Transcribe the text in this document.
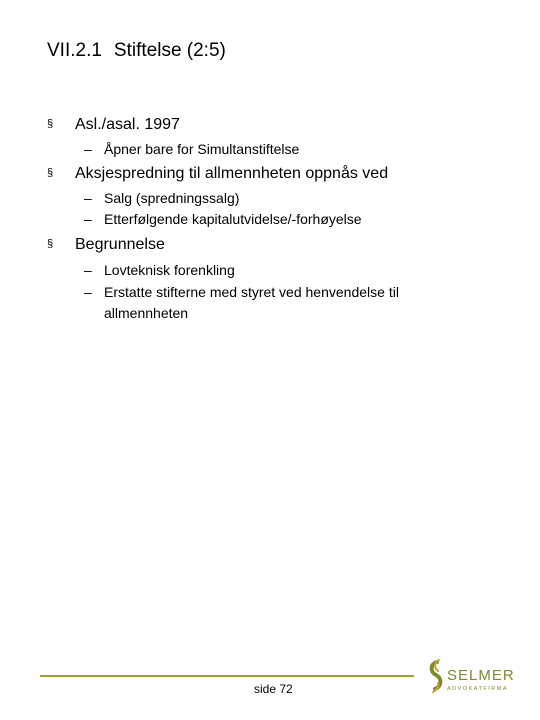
VII.2.1 Stiftelse (2:5)
§ Asl./asal. 1997
– Åpner bare for Simultanstiftelse
§ Aksjespredning til allmennheten oppnås ved
– Salg (spredningssalg)
– Etterfølgende kapitalutvidelse/-forhøyelse
§ Begrunnelse
– Lovteknisk forenkling
– Erstatte stifterne med styret ved henvendelse til allmennheten
side 72
SELMER
ADVOKATFIRMA
